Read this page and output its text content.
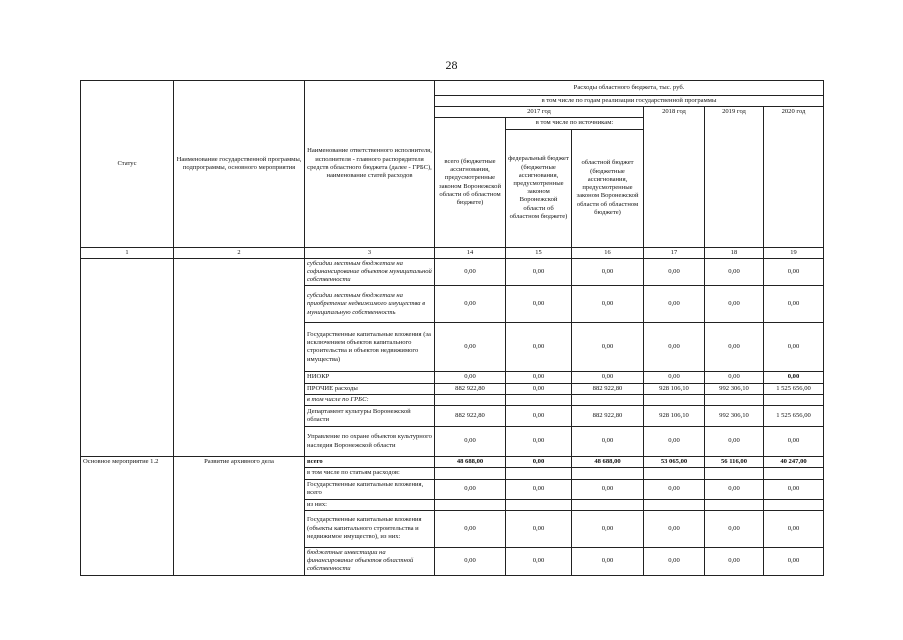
28
Статус	Наименование государственной программы, подпрограммы, основного мероприятия	Наименование ответственного исполнителя, исполнителя - главного распорядителя средств областного бюджета (далее - ГРБС), наименование статей расходов	Расходы областного бюджета, тыс. руб.					
			в том числе по годам реализации государственной программы					
			2017 год			2018 год	2019 год	2020 год
			всего (бюджетные ассигнования, предусмотренные законом Воронежской области об областном бюджете)	в том числе по источникам:				
				федеральный бюджет (бюджетные ассигнования, предусмотренные законом Воронежской области об областном бюджете)	областной бюджет (бюджетные ассигнования, предусмотренные законом Воронежской области об областном бюджете)			
1	2	3	14	15	16	17	18	19
		субсидии местным бюджетам на софинансирование объектов муниципальной собственности	0,00	0,00	0,00	0,00	0,00	0,00
		субсидии местным бюджетам на приобретение недвижимого имущества в муниципальную собственность	0,00	0,00	0,00	0,00	0,00	0,00
		Государственные капитальные вложения (за исключением объектов капитального строительства и объектов недвижимого имущества)	0,00	0,00	0,00	0,00	0,00	0,00
		НИОКР	0,00	0,00	0,00	0,00	0,00	0,00
		ПРОЧИЕ расходы	882 922,80	0,00	882 922,80	928 106,10	992 306,10	1 525 656,00
		в том числе по ГРБС:						
		Департамент культуры Воронежской области	882 922,80	0,00	882 922,80	928 106,10	992 306,10	1 525 656,00
		Управление по охране объектов культурного наследия Воронежской области	0,00	0,00	0,00	0,00	0,00	0,00
Основное мероприятие 1.2	Развитие архивного дела	всего	48 688,00	0,00	48 688,00	53 065,00	56 116,00	40 247,00
		в том числе по статьям расходов:						
		Государственные капитальные вложения, всего	0,00	0,00	0,00	0,00	0,00	0,00
		из них:						
		Государственные капитальные вложения (объекты капитального строительства и недвижимое имущество), из них:	0,00	0,00	0,00	0,00	0,00	0,00
		бюджетные инвестиции на финансирование объектов областной собственности	0,00	0,00	0,00	0,00	0,00	0,00
